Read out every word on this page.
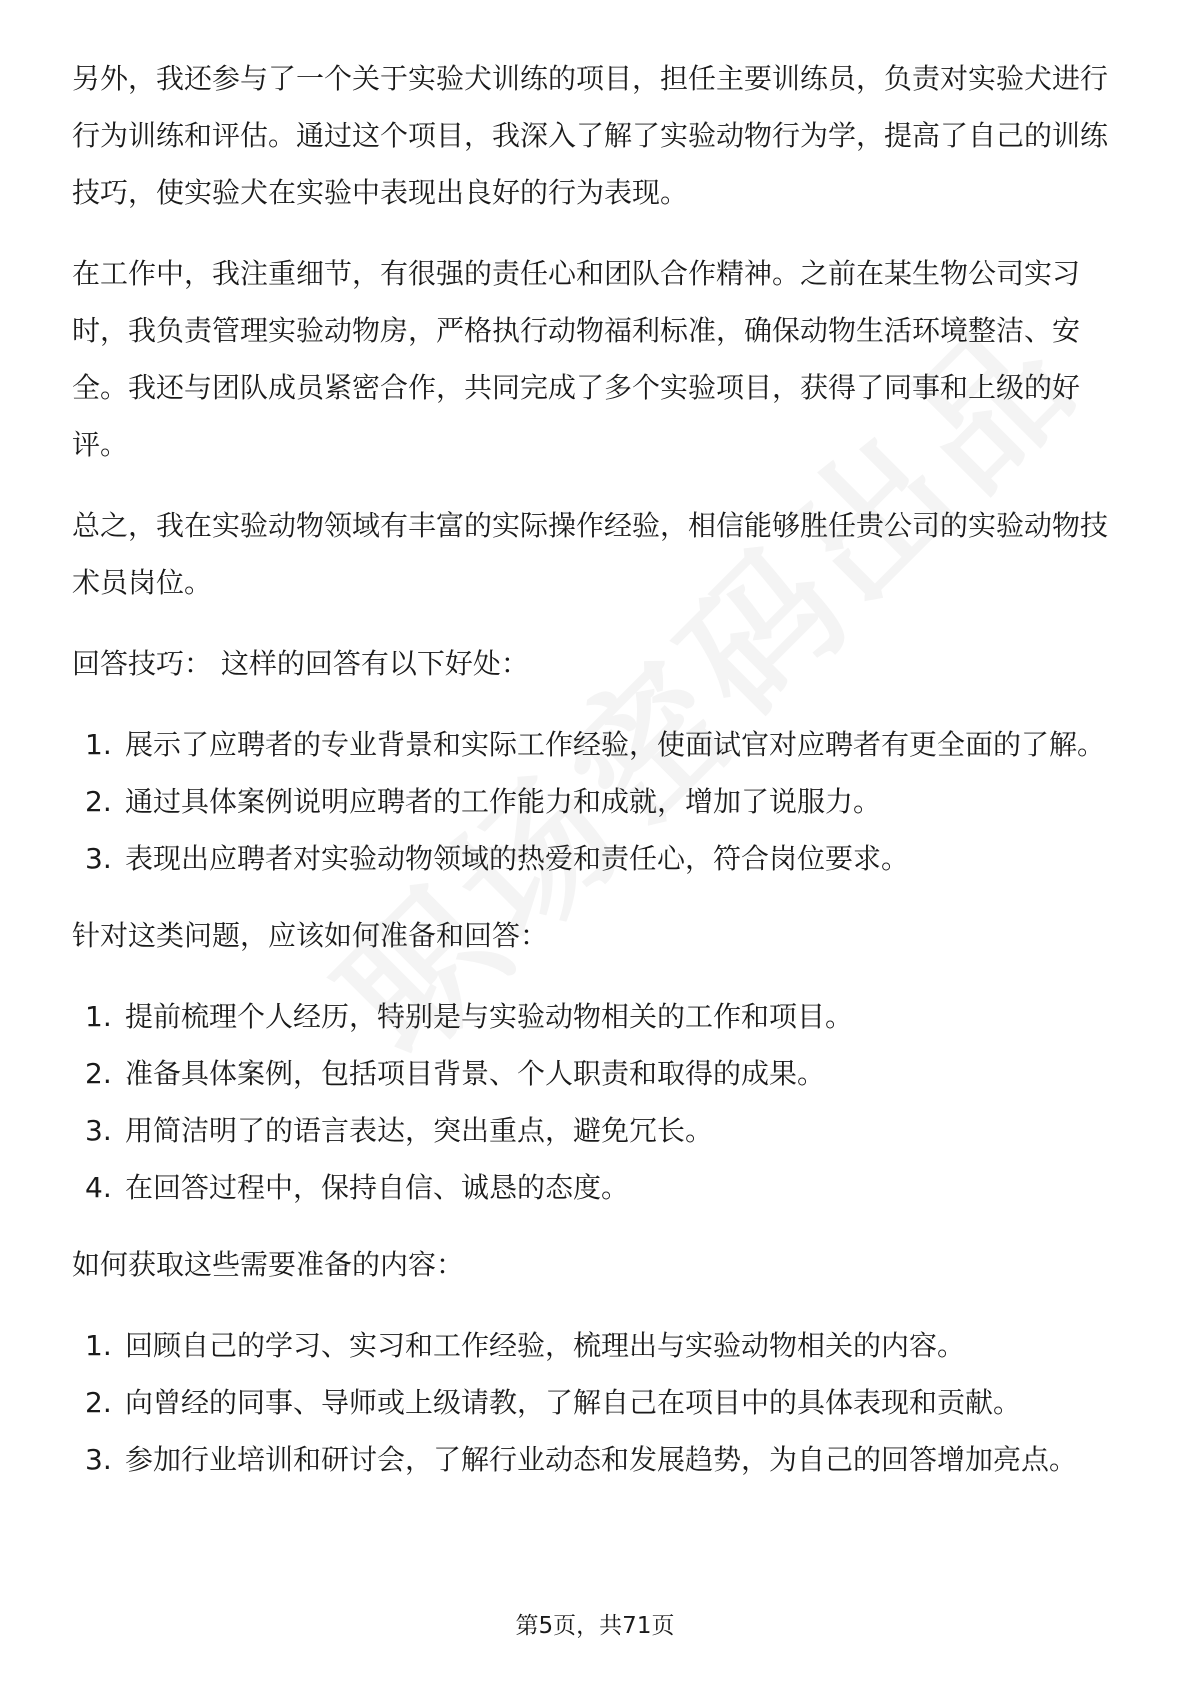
另外，我还参与了一个关于实验犬训练的项目，担任主要训练员，负责对实验犬进行行为训练和评估。通过这个项目，我深入了解了实验动物行为学，提高了自己的训练技巧，使实验犬在实验中表现出良好的行为表现。

在工作中，我注重细节，有很强的责任心和团队合作精神。之前在某生物公司实习时，我负责管理实验动物房，严格执行动物福利标准，确保动物生活环境整洁、安全。我还与团队成员紧密合作，共同完成了多个实验项目，获得了同事和上级的好评。

总之，我在实验动物领域有丰富的实际操作经验，相信能够胜任贵公司的实验动物技术员岗位。

回答技巧： 这样的回答有以下好处：

1. 展示了应聘者的专业背景和实际工作经验，使面试官对应聘者有更全面的了解。
2. 通过具体案例说明应聘者的工作能力和成就，增加了说服力。
3. 表现出应聘者对实验动物领域的热爱和责任心，符合岗位要求。

针对这类问题，应该如何准备和回答：

1. 提前梳理个人经历，特别是与实验动物相关的工作和项目。
2. 准备具体案例，包括项目背景、个人职责和取得的成果。
3. 用简洁明了的语言表达，突出重点，避免冗长。
4. 在回答过程中，保持自信、诚恳的态度。

如何获取这些需要准备的内容：

1. 回顾自己的学习、实习和工作经验，梳理出与实验动物相关的内容。
2. 向曾经的同事、导师或上级请教，了解自己在项目中的具体表现和贡献。
3. 参加行业培训和研讨会，了解行业动态和发展趋势，为自己的回答增加亮点。
第5页，共71页
